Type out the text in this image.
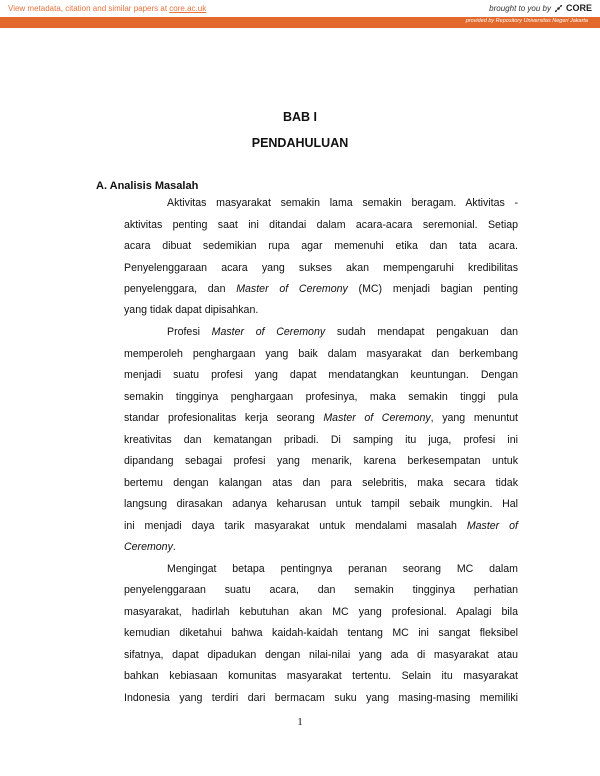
View metadata, citation and similar papers at core.ac.uk	brought to you by CORE
provided by Repository Universitas Negeri Jakarta
BAB I
PENDAHULUAN
A. Analisis Masalah
Aktivitas masyarakat semakin lama semakin beragam. Aktivitas -
aktivitas penting saat ini ditandai dalam acara-acara seremonial. Setiap
acara dibuat sedemikian rupa agar memenuhi etika dan tata acara.
Penyelenggaraan acara yang sukses akan mempengaruhi kredibilitas
penyelenggara, dan Master of Ceremony (MC) menjadi bagian penting
yang tidak dapat dipisahkan.
Profesi Master of Ceremony sudah mendapat pengakuan dan
memperoleh penghargaan yang baik dalam masyarakat dan berkembang
menjadi suatu profesi yang dapat mendatangkan keuntungan. Dengan
semakin tingginya penghargaan profesinya, maka semakin tinggi pula
standar profesionalitas kerja seorang Master of Ceremony, yang menuntut
kreativitas dan kematangan pribadi. Di samping itu juga, profesi ini
dipandang sebagai profesi yang menarik, karena berkesempatan untuk
bertemu dengan kalangan atas dan para selebritis, maka secara tidak
langsung dirasakan adanya keharusan untuk tampil sebaik mungkin. Hal
ini menjadi daya tarik masyarakat untuk mendalami masalah Master of
Ceremony.
Mengingat betapa pentingnya peranan seorang MC dalam
penyelenggaraan suatu acara, dan semakin tingginya perhatian
masyarakat, hadirlah kebutuhan akan MC yang profesional. Apalagi bila
kemudian diketahui bahwa kaidah-kaidah tentang MC ini sangat fleksibel
sifatnya, dapat dipadukan dengan nilai-nilai yang ada di masyarakat atau
bahkan kebiasaan komunitas masyarakat tertentu. Selain itu masyarakat
Indonesia yang terdiri dari bermacam suku yang masing-masing memiliki
1
